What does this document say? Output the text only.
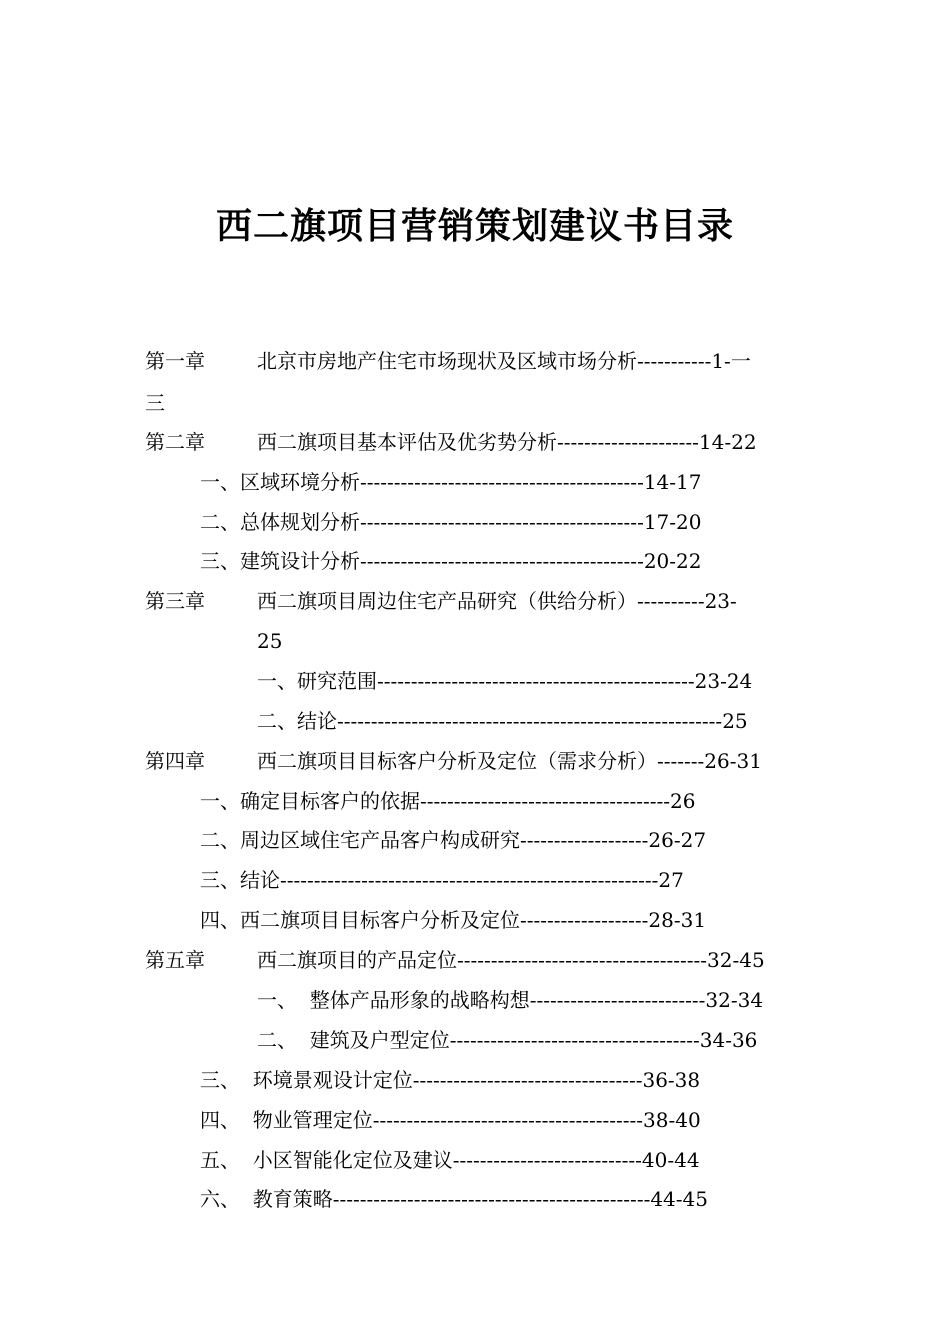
西二旗项目营销策划建议书目录
第一章	北京市房地产住宅市场现状及区域市场分析-----------1-一
三
第二章	西二旗项目基本评估及优劣势分析---------------------14-22
一、区域环境分析------------------------------------------14-17
二、总体规划分析------------------------------------------17-20
三、建筑设计分析------------------------------------------20-22
第三章	西二旗项目周边住宅产品研究（供给分析）----------23-
25
一、研究范围-----------------------------------------------23-24
二、结论---------------------------------------------------------25
第四章	西二旗项目目标客户分析及定位（需求分析）-------26-31
一、确定目标客户的依据-------------------------------------26
二、周边区域住宅产品客户构成研究-------------------26-27
三、结论--------------------------------------------------------27
四、西二旗项目目标客户分析及定位-------------------28-31
第五章	西二旗项目的产品定位-------------------------------------32-45
一、  整体产品形象的战略构想--------------------------32-34
二、  建筑及户型定位-------------------------------------34-36
三、  环境景观设计定位----------------------------------36-38
四、  物业管理定位----------------------------------------38-40
五、  小区智能化定位及建议----------------------------40-44
六、  教育策略-----------------------------------------------44-45
